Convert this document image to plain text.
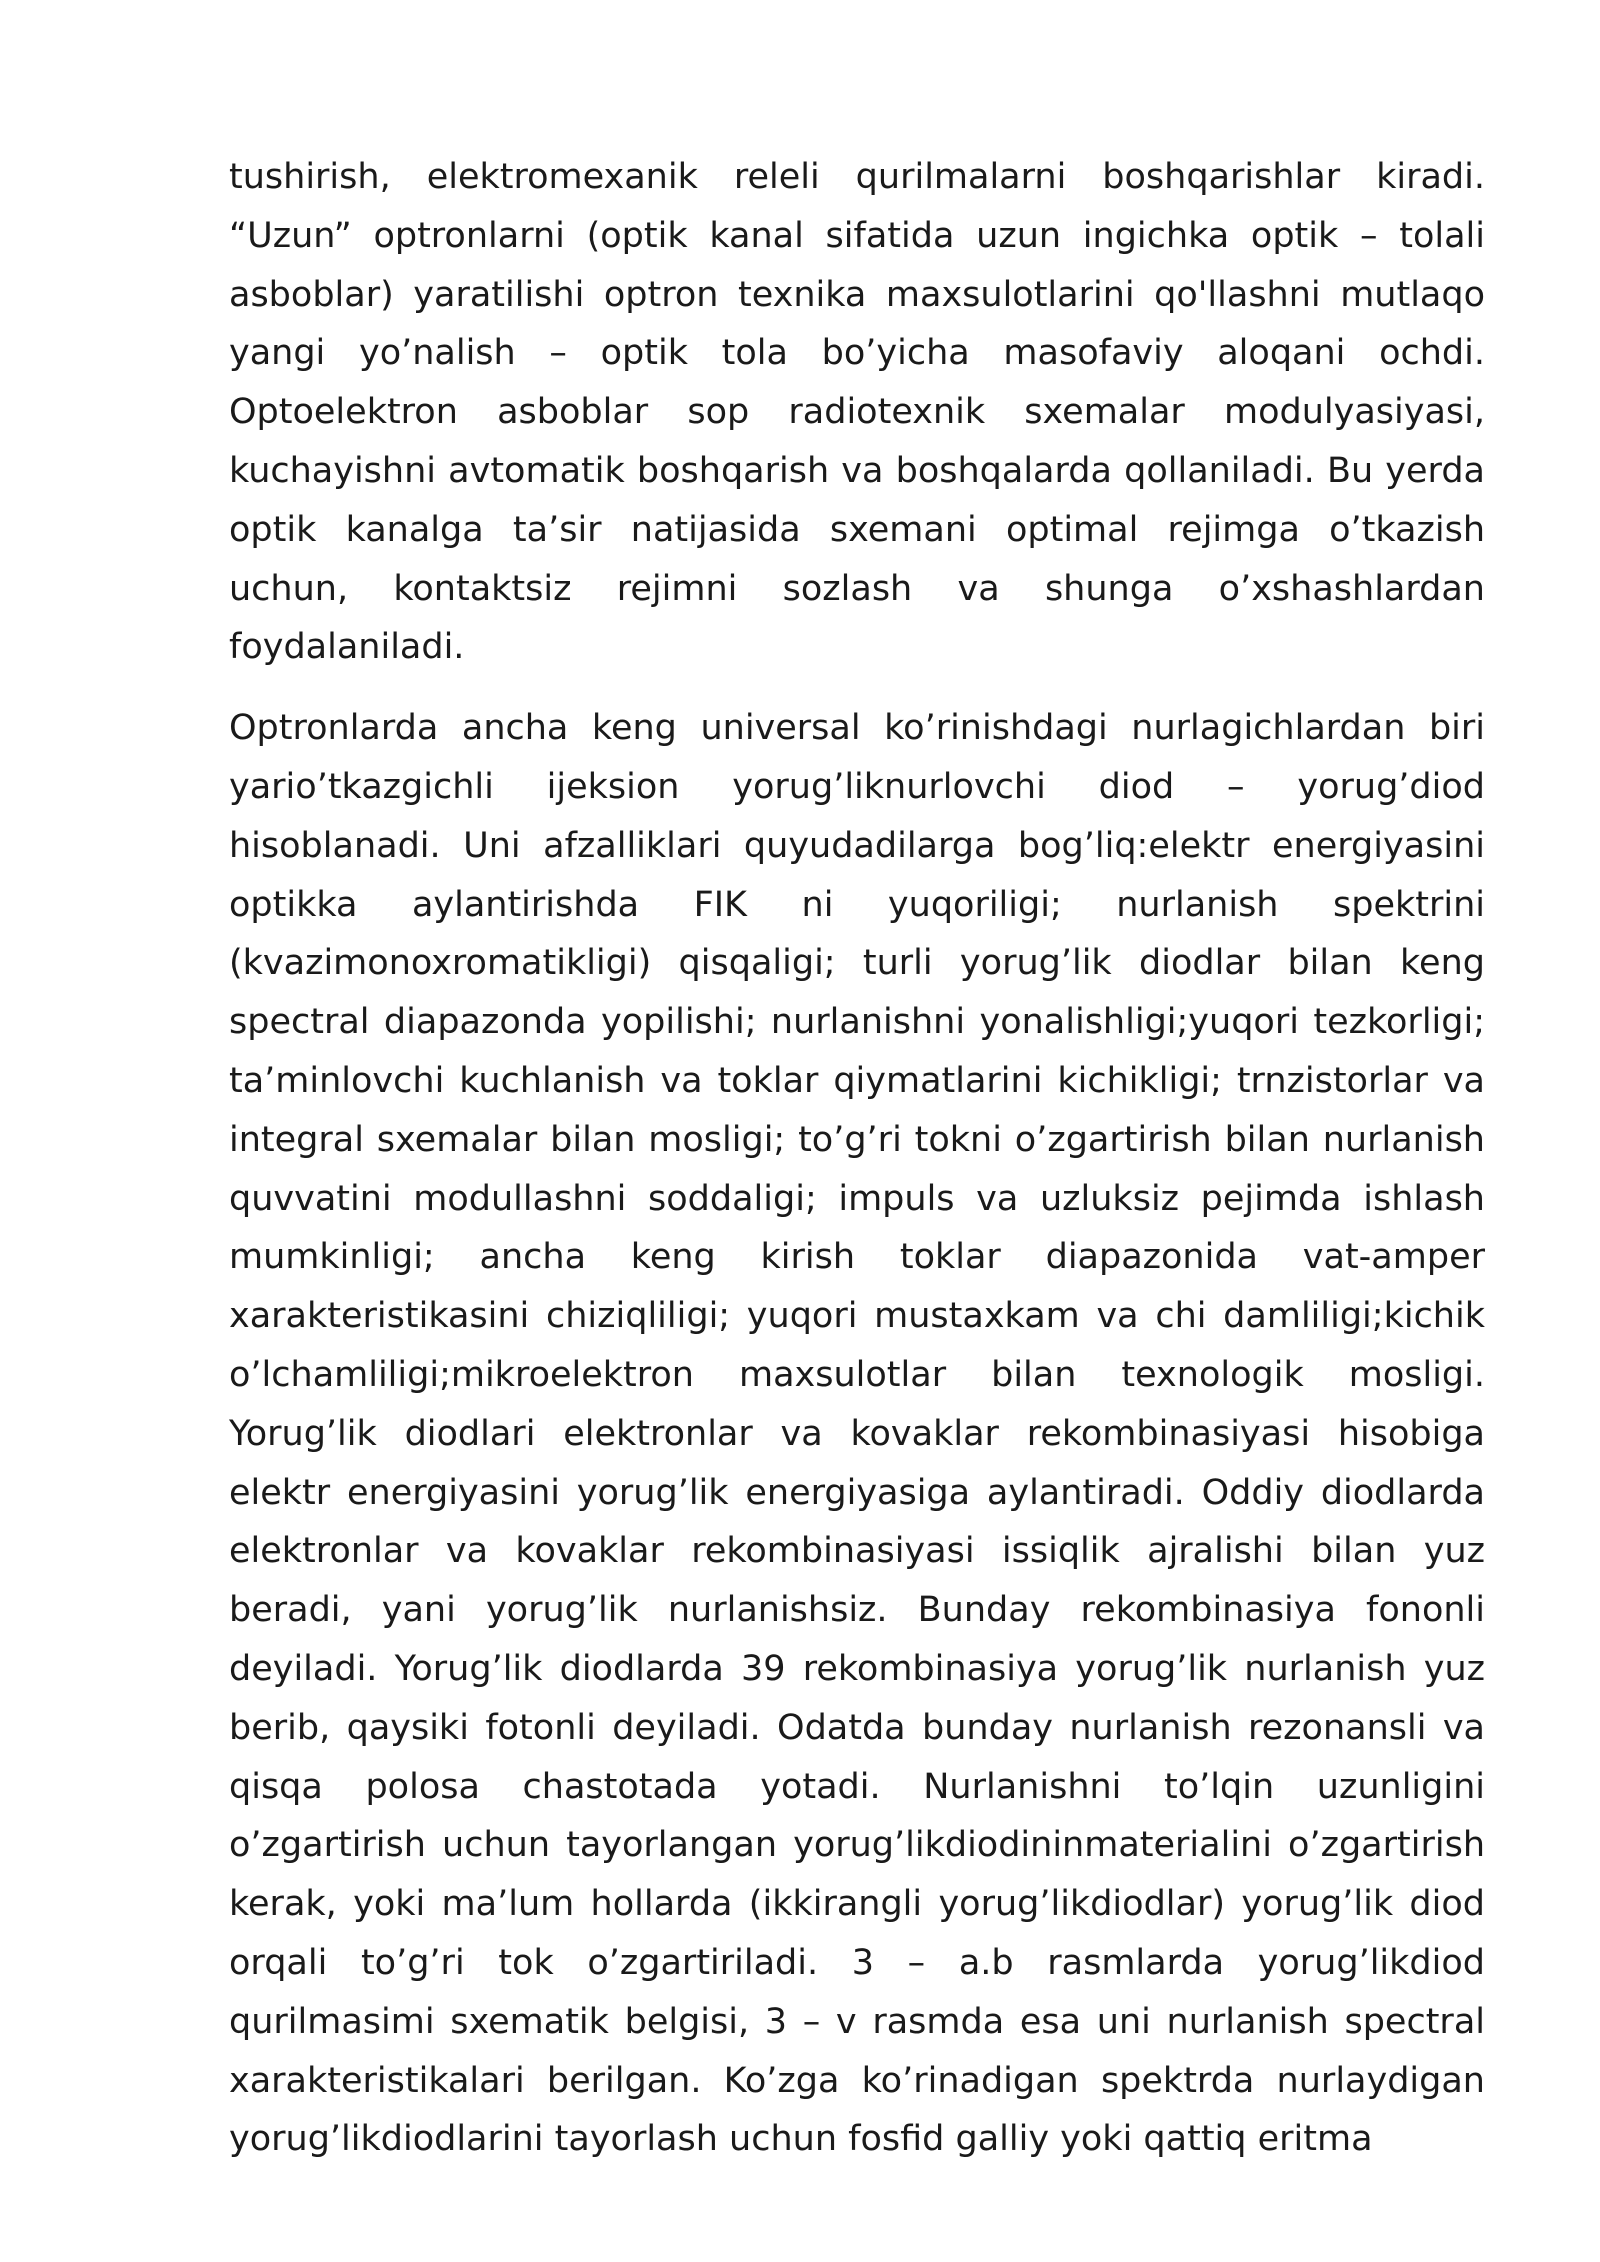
tushirish, elektromexanik releli qurilmalarni boshqarishlar kiradi. “Uzun” optronlarni (optik kanal sifatida uzun ingichka optik – tolali asboblar) yaratilishi optron texnika maxsulotlarini qo'llashni mutlaqo yangi yo’nalish – optik tola bo’yicha masofaviy aloqani ochdi. Optoelektron asboblar sop radiotexnik sxemalar modulyasiyasi, kuchayishni avtomatik boshqarish va boshqalarda qollaniladi. Bu yerda optik kanalga ta’sir natijasida sxemani optimal rejimga o’tkazish uchun, kontaktsiz rejimni sozlash va shunga o’xshashlardan foydalaniladi.

Optronlarda ancha keng universal ko’rinishdagi nurlagichlardan biri yario’tkazgichli ijeksion yorug’liknurlovchi diod – yorug’diod hisoblanadi. Uni afzalliklari quyudadilarga bog’liq:elektr energiyasini optikka aylantirishda FIK ni yuqoriligi; nurlanish spektrini (kvazimonoxromatikligi) qisqaligi; turli yorug’lik diodlar bilan keng spectral diapazonda yopilishi; nurlanishni yonalishligi;yuqori tezkorligi; ta’minlovchi kuchlanish va toklar qiymatlarini kichikligi; trnzistorlar va integral sxemalar bilan mosligi; to’g’ri tokni o’zgartirish bilan nurlanish quvvatini modullashni soddaligi; impuls va uzluksiz pejimda ishlash mumkinligi; ancha keng kirish toklar diapazonida vat-amper xarakteristikasini chiziqliligi; yuqori mustaxkam va chi damliligi;kichik o’lchamliligi;mikroelektron maxsulotlar bilan texnologik mosligi. Yorug’lik diodlari elektronlar va kovaklar rekombinasiyasi hisobiga elektr energiyasini yorug’lik energiyasiga aylantiradi. Oddiy diodlarda elektronlar va kovaklar rekombinasiyasi issiqlik ajralishi bilan yuz beradi, yani yorug’lik nurlanishsiz. Bunday rekombinasiya fononli deyiladi. Yorug’lik diodlarda 39 rekombinasiya yorug’lik nurlanish yuz berib, qaysiki fotonli deyiladi. Odatda bunday nurlanish rezonansli va qisqa polosa chastotada yotadi. Nurlanishni to’lqin uzunligini o’zgartirish uchun tayorlangan yorug’likdiodininmaterialini o’zgartirish kerak, yoki ma’lum hollarda (ikkirangli yorug’likdiodlar) yorug’lik diod orqali to’g’ri tok o’zgartiriladi. 3 – a.b rasmlarda yorug’likdiod qurilmasimi sxematik belgisi, 3 – v rasmda esa uni nurlanish spectral xarakteristikalari berilgan. Ko’zga ko’rinadigan spektrda nurlaydigan yorug’likdiodlarini tayorlash uchun fosfid galliy yoki qattiq eritma
